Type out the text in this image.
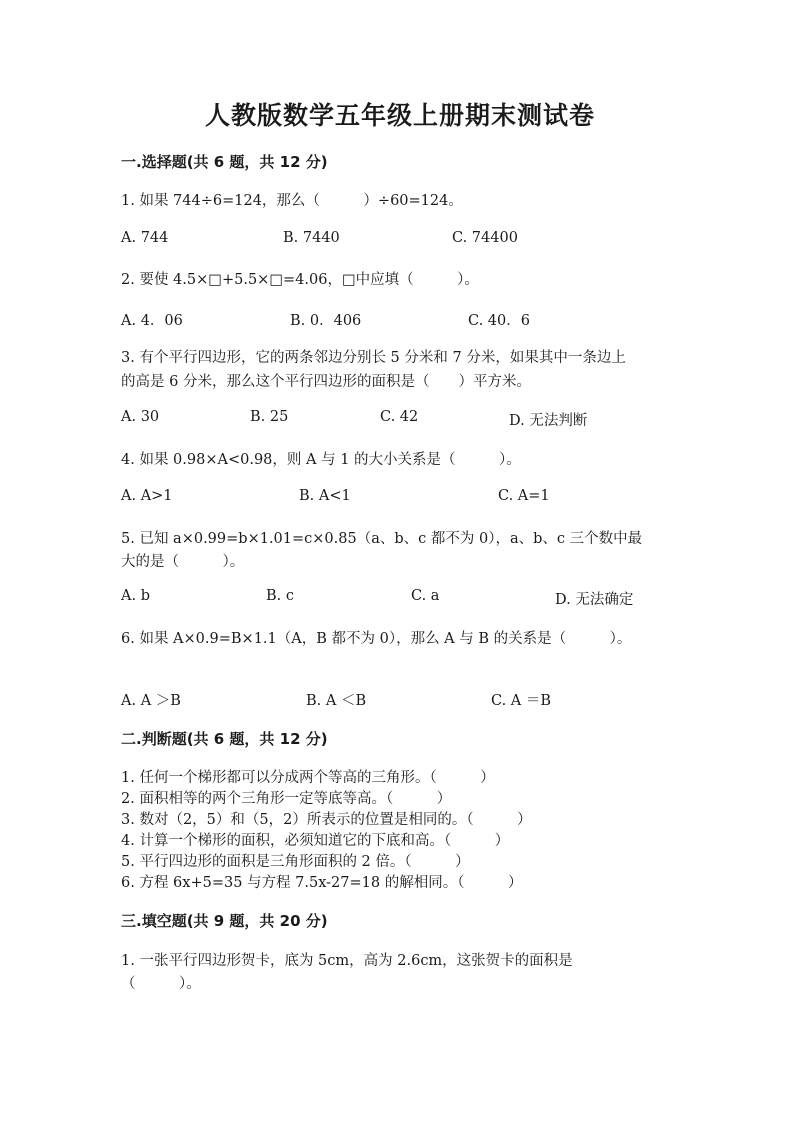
人教版数学五年级上册期末测试卷
一.选择题(共 6 题，共 12 分)
1. 如果 744÷6=124，那么（　　　）÷60=124。
A. 744	B. 7440	C. 74400
2. 要使 4.5×□+5.5×□=4.06，□中应填（　　　）。
A. 4．06	B. 0．406	C. 40．6
3. 有个平行四边形，它的两条邻边分别长 5 分米和 7 分米，如果其中一条边上
的高是 6 分米，那么这个平行四边形的面积是（　　）平方米。
A. 30	B. 25	C. 42	D. 无法判断
4. 如果 0.98×A<0.98，则 A 与 1 的大小关系是（　　　）。
A. A>1	B. A<1	C. A=1
5. 已知 a×0.99=b×1.01=c×0.85（a、b、c 都不为 0），a、b、c 三个数中最
大的是（　　　）。
A. b	B. c	C. a	D. 无法确定
6. 如果 A×0.9=B×1.1（A，B 都不为 0），那么 A 与 B 的关系是（　　　）。
A. A ＞B	B. A ＜B	C. A ＝B
二.判断题(共 6 题，共 12 分)
1. 任何一个梯形都可以分成两个等高的三角形。（　　　）
2. 面积相等的两个三角形一定等底等高。（　　　）
3. 数对（2，5）和（5，2）所表示的位置是相同的。（　　　）
4. 计算一个梯形的面积，必须知道它的下底和高。（　　　）
5. 平行四边形的面积是三角形面积的 2 倍。（　　　）
6. 方程 6x+5=35 与方程 7.5x-27=18 的解相同。（　　　）
三.填空题(共 9 题，共 20 分)
1. 一张平行四边形贺卡，底为 5cm，高为 2.6cm，这张贺卡的面积是
（　　　）。
